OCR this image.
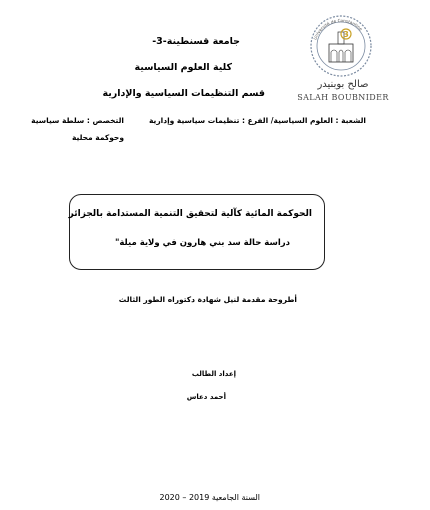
Université de Constantine
3
صالح بوبنيدر
SALAH BOUBNIDER
جامعة قسنطينة-3-
كلية العلوم السياسية
قسم التنظيمات السياسية والإدارية
الشعبة : العلوم السياسية/ الفرع : تنظيمات سياسية وإدارية
التخصص : سلطة سياسية
وحوكمة محلية
الحوكمة المائية كآلية لتحقيق التنمية المستدامة بالجزائر
دراسة حالة سد بني هارون في ولاية ميلة"
أطروحة مقدمة لنيل شهادة دكتوراه الطور الثالث
إعداد الطالب
أحمد دعاس
السنة الجامعية 2019 – 2020
